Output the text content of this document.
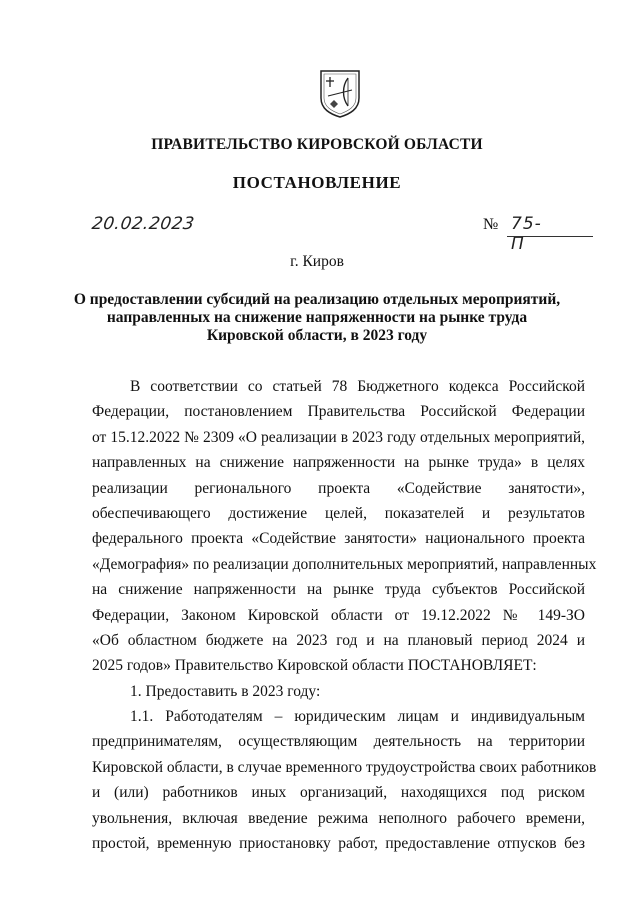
ПРАВИТЕЛЬСТВО КИРОВСКОЙ ОБЛАСТИ
ПОСТАНОВЛЕНИЕ
20.02.2023	№ 75-П
г. Киров
О предоставлении субсидий на реализацию отдельных мероприятий,
направленных на снижение напряженности на рынке труда
Кировской области, в 2023 году
В соответствии со статьей 78 Бюджетного кодекса Российской
Федерации, постановлением Правительства Российской Федерации
от 15.12.2022 № 2309 «О реализации в 2023 году отдельных мероприятий,
направленных на снижение напряженности на рынке труда» в целях
реализации регионального проекта «Содействие занятости»,
обеспечивающего достижение целей, показателей и результатов
федерального проекта «Содействие занятости» национального проекта
«Демография» по реализации дополнительных мероприятий, направленных
на снижение напряженности на рынке труда субъектов Российской
Федерации, Законом Кировской области от 19.12.2022 № 149-ЗО
«Об областном бюджете на 2023 год и на плановый период 2024 и
2025 годов» Правительство Кировской области ПОСТАНОВЛЯЕТ:
1. Предоставить в 2023 году:
1.1. Работодателям – юридическим лицам и индивидуальным
предпринимателям, осуществляющим деятельность на территории
Кировской области, в случае временного трудоустройства своих работников
и (или) работников иных организаций, находящихся под риском
увольнения, включая введение режима неполного рабочего времени,
простой, временную приостановку работ, предоставление отпусков без
